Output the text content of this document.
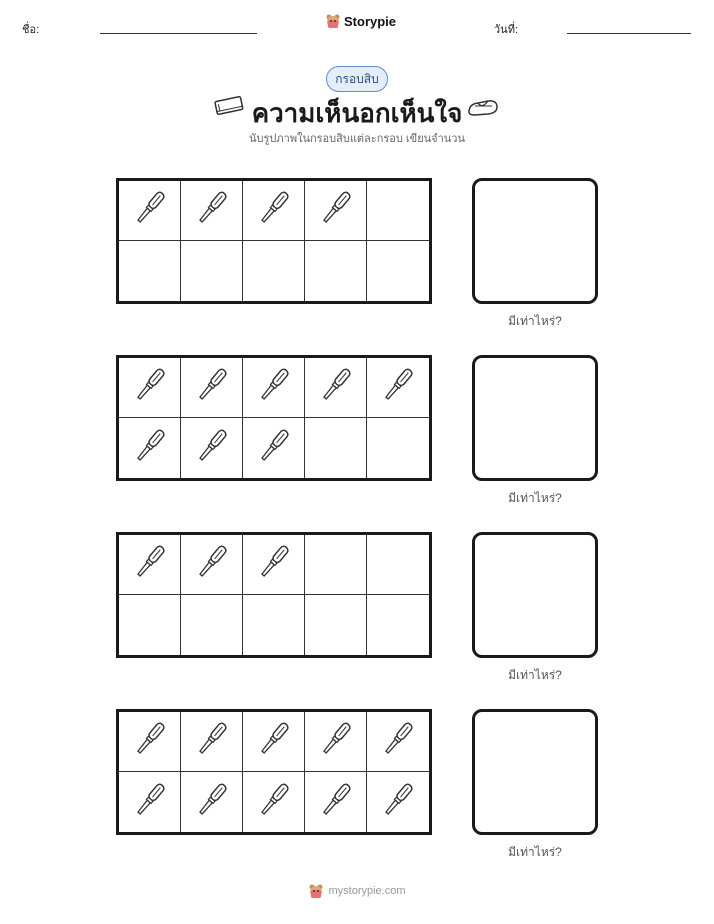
ชื่อ:
Storypie
วันที่:
กรอบสิบ
ความเห็นอกเห็นใจ
นับรูปภาพในกรอบสิบแต่ละกรอบ เขียนจำนวน
มีเท่าไหร่?
มีเท่าไหร่?
มีเท่าไหร่?
มีเท่าไหร่?
mystorypie.com
